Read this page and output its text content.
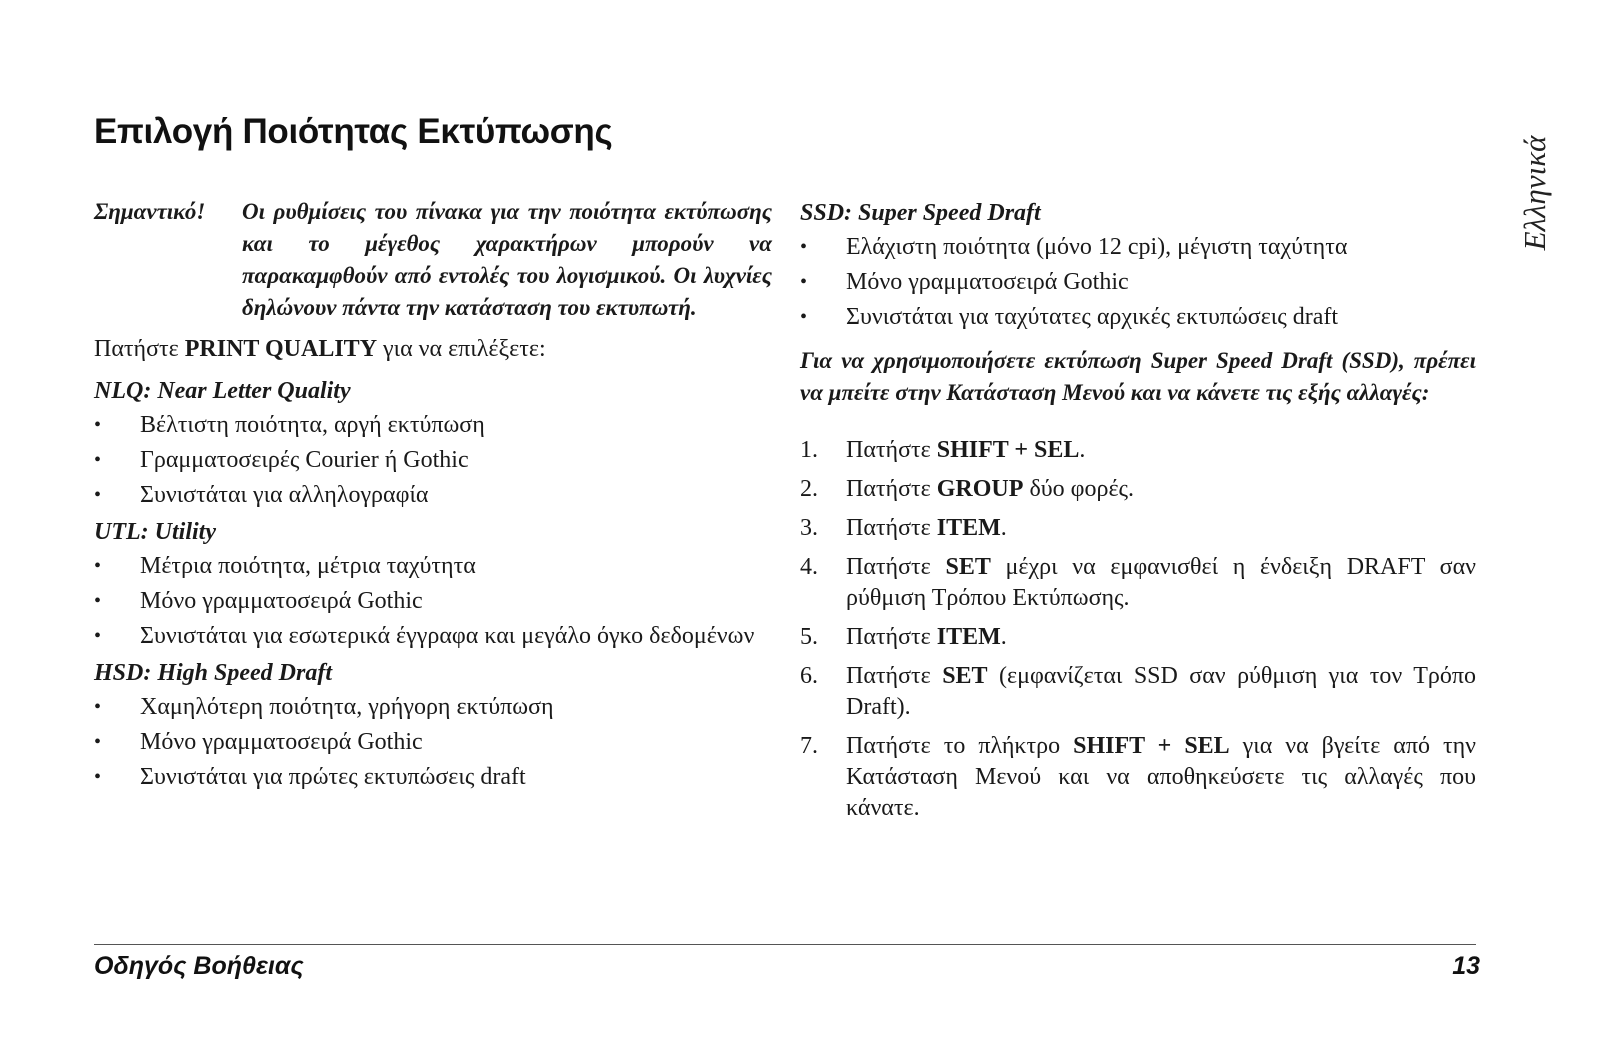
Επιλογή Ποιότητας Εκτύπωσης
Ελληνικά
Σημαντικό!	Οι ρυθμίσεις του πίνακα για την ποιότητα εκτύπωσης και το μέγεθος χαρακτήρων μπορούν να παρακαμφθούν από εντολές του λογισμικού. Οι λυχνίες δηλώνουν πάντα την κατάσταση του εκτυπωτή.

Πατήστε PRINT QUALITY για να επιλέξετε:

NLQ: Near Letter Quality
• Βέλτιστη ποιότητα, αργή εκτύπωση
• Γραμματοσειρές Courier ή Gothic
• Συνιστάται για αλληλογραφία
UTL: Utility
• Μέτρια ποιότητα, μέτρια ταχύτητα
• Μόνο γραμματοσειρά Gothic
• Συνιστάται για εσωτερικά έγγραφα και μεγάλο όγκο δεδομένων
HSD: High Speed Draft
• Χαμηλότερη ποιότητα, γρήγορη εκτύπωση
• Μόνο γραμματοσειρά Gothic
• Συνιστάται για πρώτες εκτυπώσεις draft
SSD: Super Speed Draft
• Ελάχιστη ποιότητα (μόνο 12 cpi), μέγιστη ταχύτητα
• Μόνο γραμματοσειρά Gothic
• Συνιστάται για ταχύτατες αρχικές εκτυπώσεις draft
Για να χρησιμοποιήσετε εκτύπωση Super Speed Draft (SSD), πρέπει να μπείτε στην Κατάσταση Μενού και να κάνετε τις εξής αλλαγές:
1. Πατήστε SHIFT + SEL.
2. Πατήστε GROUP δύο φορές.
3. Πατήστε ITEM.
4. Πατήστε SET μέχρι να εμφανισθεί η ένδειξη DRAFT σαν ρύθμιση Τρόπου Εκτύπωσης.
5. Πατήστε ITEM.
6. Πατήστε SET (εμφανίζεται SSD σαν ρύθμιση για τον Τρόπο Draft).
7. Πατήστε το πλήκτρο SHIFT + SEL για να βγείτε από την Κατάσταση Μενού και να αποθηκεύσετε τις αλλαγές που κάνατε.
Οδηγός Βοήθειας	13
